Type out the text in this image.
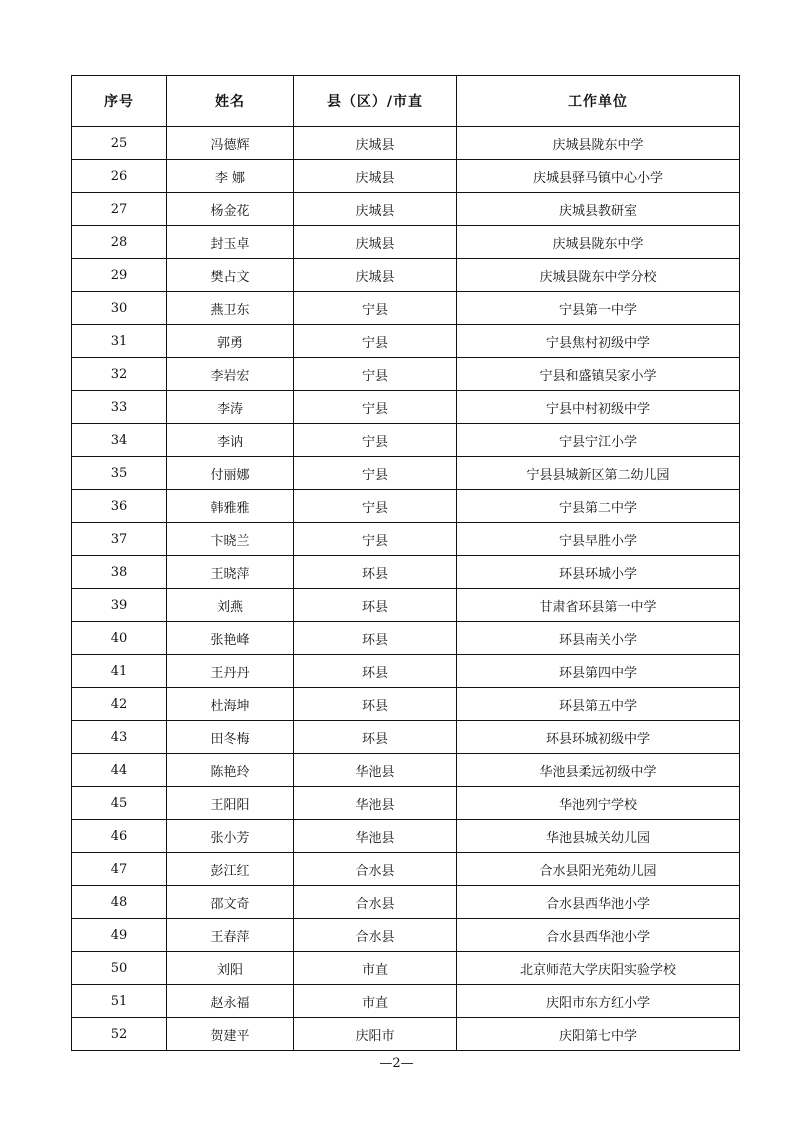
序号	姓名	县（区）/市直	工作单位
25	冯德辉	庆城县	庆城县陇东中学
26	李 娜	庆城县	庆城县驿马镇中心小学
27	杨金花	庆城县	庆城县教研室
28	封玉卓	庆城县	庆城县陇东中学
29	樊占文	庆城县	庆城县陇东中学分校
30	燕卫东	宁县	宁县第一中学
31	郭勇	宁县	宁县焦村初级中学
32	李岩宏	宁县	宁县和盛镇吴家小学
33	李涛	宁县	宁县中村初级中学
34	李讷	宁县	宁县宁江小学
35	付丽娜	宁县	宁县县城新区第二幼儿园
36	韩雅雅	宁县	宁县第二中学
37	卞晓兰	宁县	宁县早胜小学
38	王晓萍	环县	环县环城小学
39	刘燕	环县	甘肃省环县第一中学
40	张艳峰	环县	环县南关小学
41	王丹丹	环县	环县第四中学
42	杜海坤	环县	环县第五中学
43	田冬梅	环县	环县环城初级中学
44	陈艳玲	华池县	华池县柔远初级中学
45	王阳阳	华池县	华池列宁学校
46	张小芳	华池县	华池县城关幼儿园
47	彭江红	合水县	合水县阳光苑幼儿园
48	邵文奇	合水县	合水县西华池小学
49	王春萍	合水县	合水县西华池小学
50	刘阳	市直	北京师范大学庆阳实验学校
51	赵永福	市直	庆阳市东方红小学
52	贺建平	庆阳市	庆阳第七中学
—2—
